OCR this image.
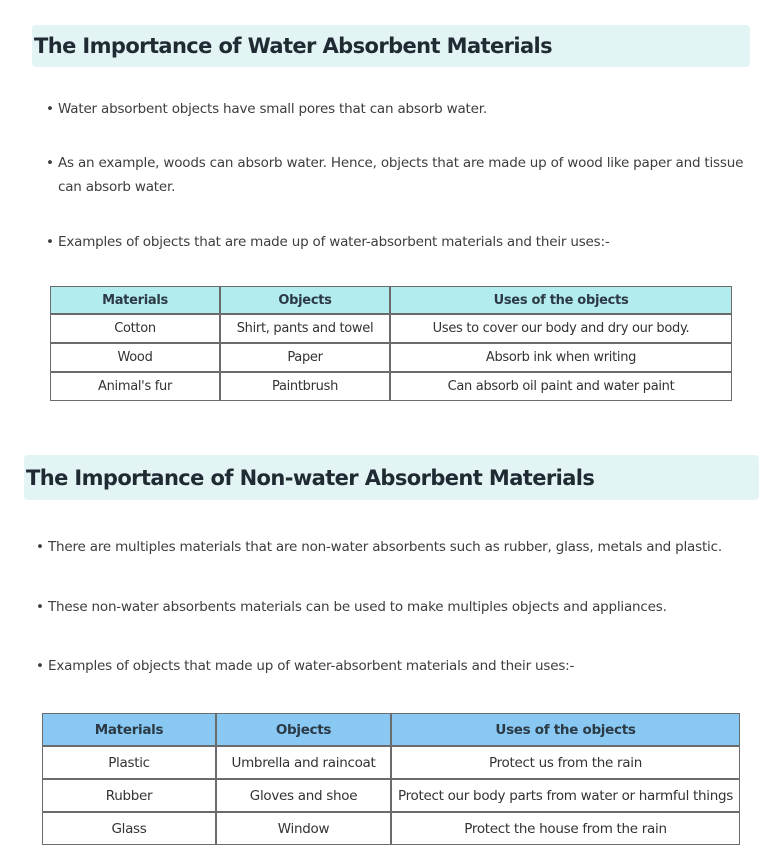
The Importance of Water Absorbent Materials
• Water absorbent objects have small pores that can absorb water.
• As an example, woods can absorb water. Hence, objects that are made up of wood like paper and tissue can absorb water.
• Examples of objects that are made up of water-absorbent materials and their uses:-
Materials	Objects	Uses of the objects
Cotton	Shirt, pants and towel	Uses to cover our body and dry our body.
Wood	Paper	Absorb ink when writing
Animal's fur	Paintbrush	Can absorb oil paint and water paint
The Importance of Non-water Absorbent Materials
• There are multiples materials that are non-water absorbents such as rubber, glass, metals and plastic.
• These non-water absorbents materials can be used to make multiples objects and appliances.
• Examples of objects that made up of water-absorbent materials and their uses:-
Materials	Objects	Uses of the objects
Plastic	Umbrella and raincoat	Protect us from the rain
Rubber	Gloves and shoe	Protect our body parts from water or harmful things
Glass	Window	Protect the house from the rain
